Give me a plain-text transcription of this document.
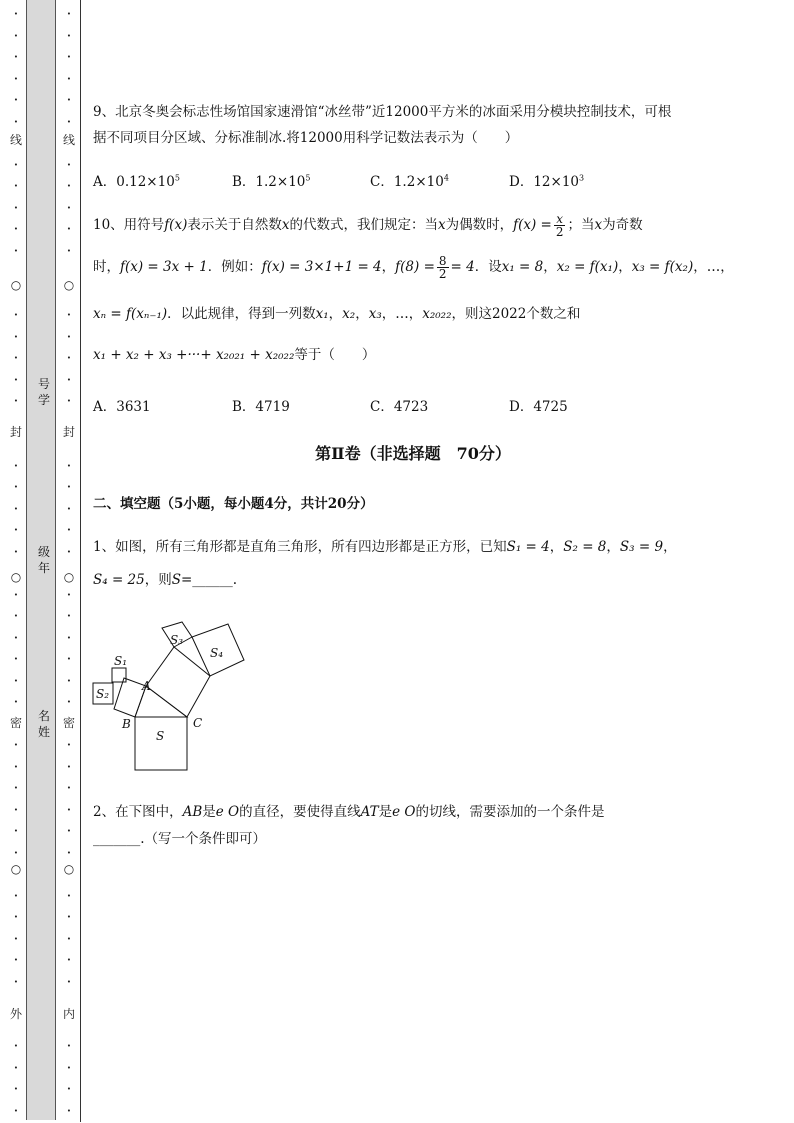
线
○
封
○
密
○
外
•
•
•
•
•
•
•
•
•
•
•
•
•
•
•
•
•
•
•
•
•
•
•
•
•
•
•
•
•
•
•
•
•
•
•
•
•
•
•
•
•
•
线
○
封
○
密
○
内
•
•
•
•
•
•
•
•
•
•
•
•
•
•
•
•
•
•
•
•
•
•
•
•
•
•
•
•
•
•
•
•
•
•
•
•
•
•
•
•
•
•
号学
级年
名姓
9、北京冬奥会标志性场馆国家速滑馆“冰丝带”近12000平方米的冰面采用分模块控制技术，可根
据不同项目分区域、分标准制冰.将12000用科学记数法表示为（　　）
A．$0.12\times 10^5$	B．$1.2\times 10^5$	C．$1.2\times 10^4$	D．$12\times 10^3$
10、用符号f(x)表示关于自然数x的代数式，我们规定：当x为偶数时，$f(x) = \frac{x}{2}$ ；当x为奇数
时，f(x) = 3x + 1．例如：f(x) = 3×1+1 = 4，$f(8) = \frac{8}{2} = 4$．设x₁ = 8，x₂ = f(x₁)，x₃ = f(x₂)，…，
xₙ = f(xₙ₋₁)．以此规律，得到一列数x₁，x₂，x₃，…，x₂₀₂₂，则这2022个数之和
x₁ + x₂ + x₃ +···+ x₂₀₂₁ + x₂₀₂₂等于（　　）
A．3631	B．4719	C．4723	D．4725
第Ⅱ卷（非选择题　70分）
二、填空题（5小题，每小题4分，共计20分）
1、如图，所有三角形都是直角三角形，所有四边形都是正方形，已知S₁ = 4，S₂ = 8，S₃ = 9，
S₄ = 25，则S=______.
2、在下图中，AB是e O的直径，要使得直线AT是e O的切线，需要添加的一个条件是
_______.（写一个条件即可）
S₁
S₂
S₃
S₄
S
A
B	C
